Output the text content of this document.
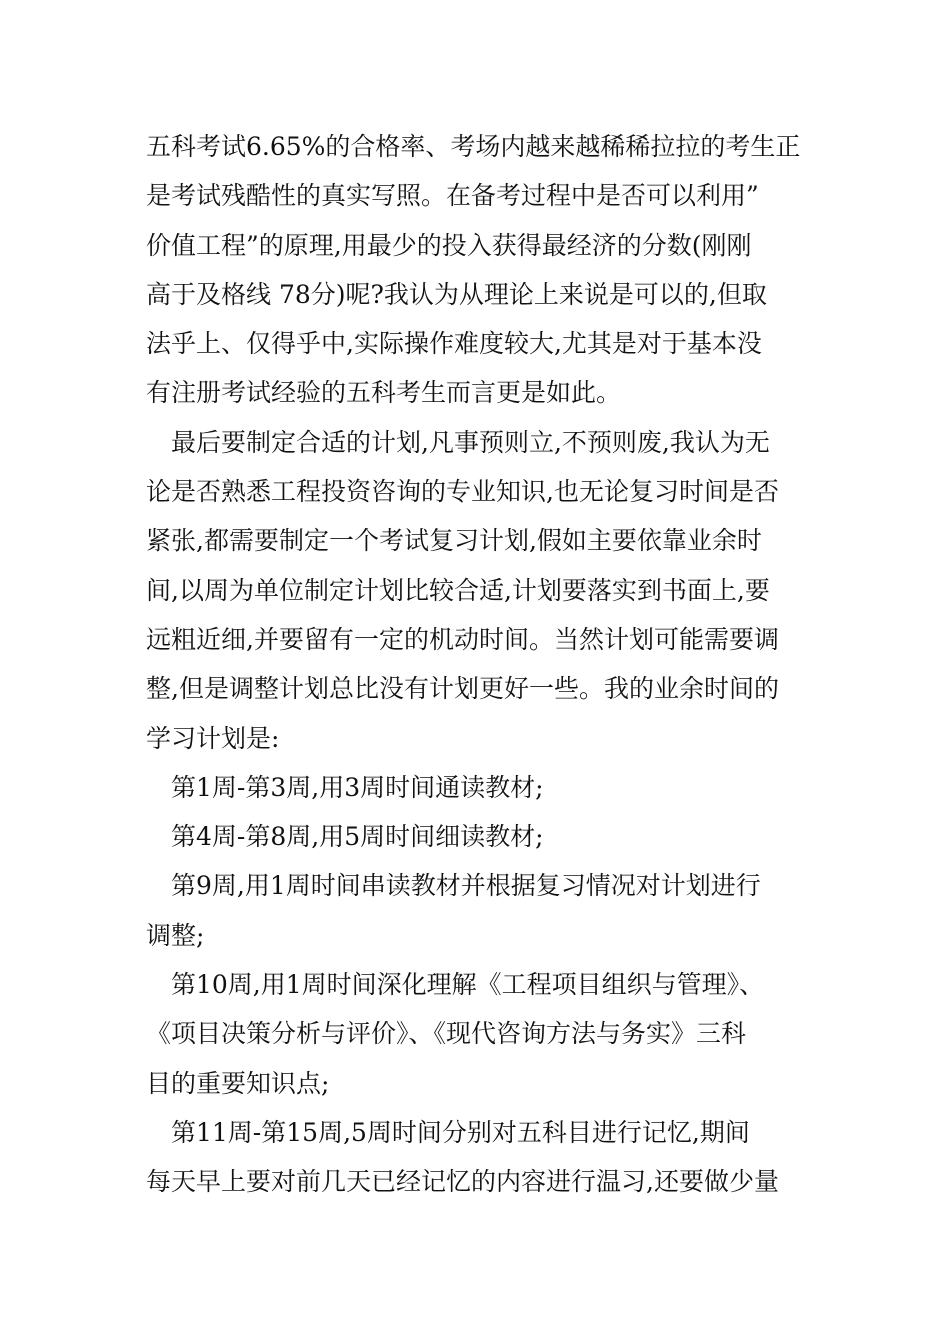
五科考试6.65%的合格率、考场内越来越稀稀拉拉的考生正
是考试残酷性的真实写照。在备考过程中是否可以利用”
价值工程”的原理,用最少的投入获得最经济的分数(刚刚
高于及格线 78分)呢?我认为从理论上来说是可以的,但取
法乎上、仅得乎中,实际操作难度较大,尤其是对于基本没
有注册考试经验的五科考生而言更是如此。
最后要制定合适的计划,凡事预则立,不预则废,我认为无
论是否熟悉工程投资咨询的专业知识,也无论复习时间是否
紧张,都需要制定一个考试复习计划,假如主要依靠业余时
间,以周为单位制定计划比较合适,计划要落实到书面上,要
远粗近细,并要留有一定的机动时间。当然计划可能需要调
整,但是调整计划总比没有计划更好一些。我的业余时间的
学习计划是:
第1周-第3周,用3周时间通读教材;
第4周-第8周,用5周时间细读教材;
第9周,用1周时间串读教材并根据复习情况对计划进行
调整;
第10周,用1周时间深化理解《工程项目组织与管理》、
《项目决策分析与评价》、《现代咨询方法与务实》三科
目的重要知识点;
第11周-第15周,5周时间分别对五科目进行记忆,期间
每天早上要对前几天已经记忆的内容进行温习,还要做少量
